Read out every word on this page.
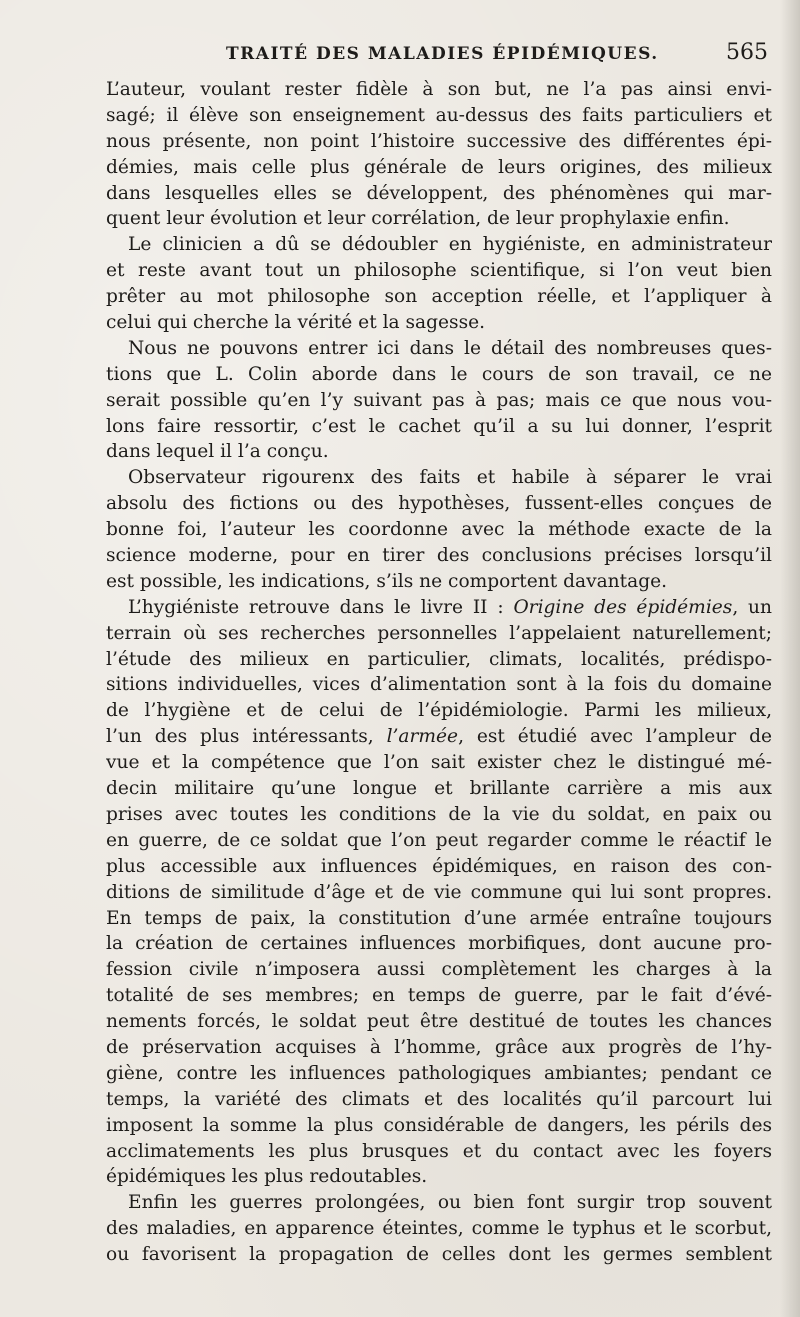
TRAITÉ DES MALADIES ÉPIDÉMIQUES.	565
L’auteur, voulant rester fidèle à son but, ne l’a pas ainsi envi-
sagé; il élève son enseignement au-dessus des faits particuliers et
nous présente, non point l’histoire successive des différentes épi-
démies, mais celle plus générale de leurs origines, des milieux
dans lesquelles elles se développent, des phénomènes qui mar-
quent leur évolution et leur corrélation, de leur prophylaxie enfin.
Le clinicien a dû se dédoubler en hygiéniste, en administrateur
et reste avant tout un philosophe scientifique, si l’on veut bien
prêter au mot philosophe son acception réelle, et l’appliquer à
celui qui cherche la vérité et la sagesse.
Nous ne pouvons entrer ici dans le détail des nombreuses ques-
tions que L. Colin aborde dans le cours de son travail, ce ne
serait possible qu’en l’y suivant pas à pas; mais ce que nous vou-
lons faire ressortir, c’est le cachet qu’il a su lui donner, l’esprit
dans lequel il l’a conçu.
Observateur rigourenx des faits et habile à séparer le vrai
absolu des fictions ou des hypothèses, fussent-elles conçues de
bonne foi, l’auteur les coordonne avec la méthode exacte de la
science moderne, pour en tirer des conclusions précises lorsqu’il
est possible, les indications, s’ils ne comportent davantage.
L’hygiéniste retrouve dans le livre II : Origine des épidémies, un
terrain où ses recherches personnelles l’appelaient naturellement;
l’étude des milieux en particulier, climats, localités, prédispo-
sitions individuelles, vices d’alimentation sont à la fois du domaine
de l’hygiène et de celui de l’épidémiologie. Parmi les milieux,
l’un des plus intéressants, l’armée, est étudié avec l’ampleur de
vue et la compétence que l’on sait exister chez le distingué mé-
decin militaire qu’une longue et brillante carrière a mis aux
prises avec toutes les conditions de la vie du soldat, en paix ou
en guerre, de ce soldat que l’on peut regarder comme le réactif le
plus accessible aux influences épidémiques, en raison des con-
ditions de similitude d’âge et de vie commune qui lui sont propres.
En temps de paix, la constitution d’une armée entraîne toujours
la création de certaines influences morbifiques, dont aucune pro-
fession civile n’imposera aussi complètement les charges à la
totalité de ses membres; en temps de guerre, par le fait d’évé-
nements forcés, le soldat peut être destitué de toutes les chances
de préservation acquises à l’homme, grâce aux progrès de l’hy-
giène, contre les influences pathologiques ambiantes; pendant ce
temps, la variété des climats et des localités qu’il parcourt lui
imposent la somme la plus considérable de dangers, les périls des
acclimatements les plus brusques et du contact avec les foyers
épidémiques les plus redoutables.
Enfin les guerres prolongées, ou bien font surgir trop souvent
des maladies, en apparence éteintes, comme le typhus et le scorbut,
ou favorisent la propagation de celles dont les germes semblent
